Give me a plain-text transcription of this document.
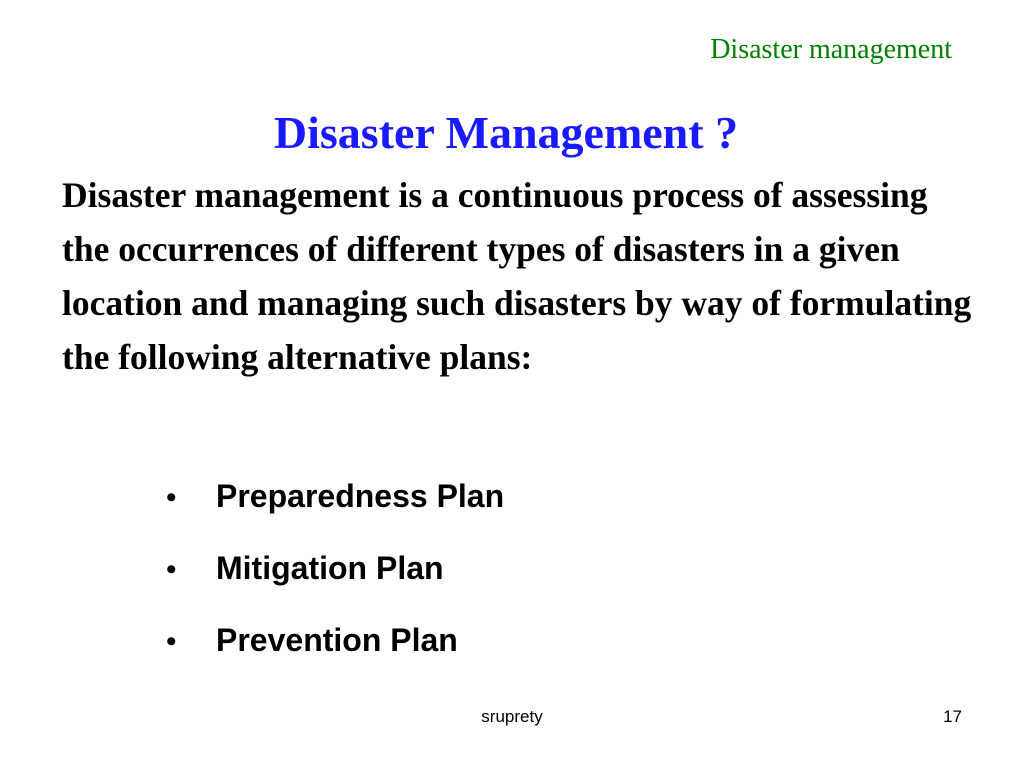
Disaster management
Disaster Management ?
Disaster management is a continuous process of assessing the occurrences of different types of disasters in a given location and managing such disasters by way of formulating the following alternative plans:
•	Preparedness Plan
•	Mitigation Plan
•	Prevention Plan
sruprety	17
